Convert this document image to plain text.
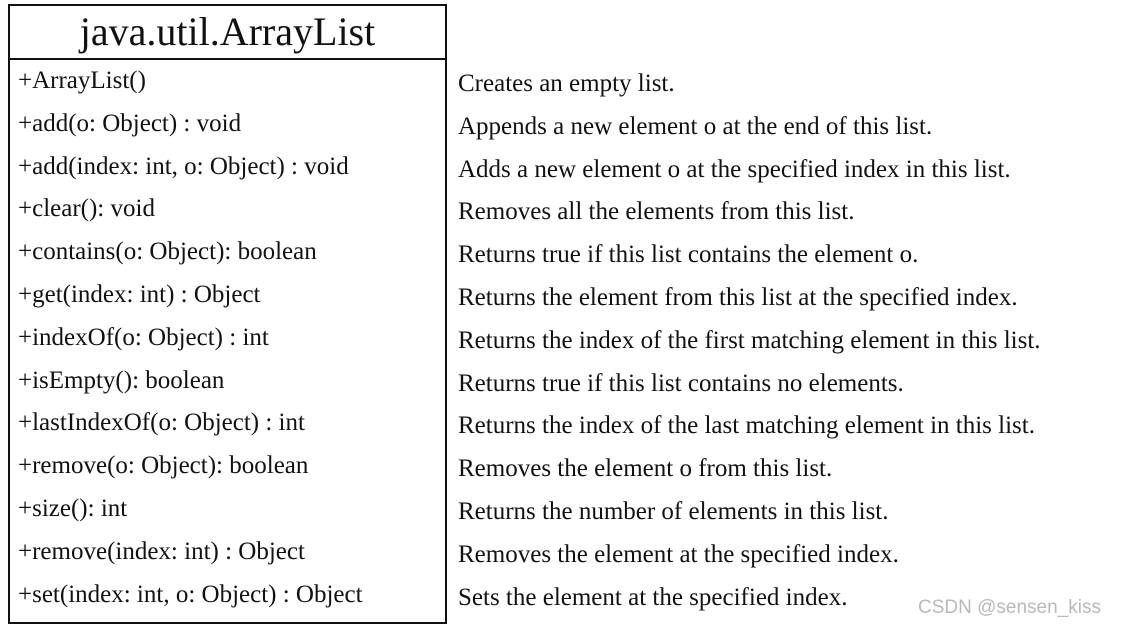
java.util.ArrayList
+ArrayList()
+add(o: Object) : void
+add(index: int, o: Object) : void
+clear(): void
+contains(o: Object): boolean
+get(index: int) : Object
+indexOf(o: Object) : int
+isEmpty(): boolean
+lastIndexOf(o: Object) : int
+remove(o: Object): boolean
+size(): int
+remove(index: int) : Object
+set(index: int, o: Object) : Object
Creates an empty list.
Appends a new element o at the end of this list.
Adds a new element o at the specified index in this list.
Removes all the elements from this list.
Returns true if this list contains the element o.
Returns the element from this list at the specified index.
Returns the index of the first matching element in this list.
Returns true if this list contains no elements.
Returns the index of the last matching element in this list.
Removes the element o from this list.
Returns the number of elements in this list.
Removes the element at the specified index.
Sets the element at the specified index.	CSDN @sensen_kiss
